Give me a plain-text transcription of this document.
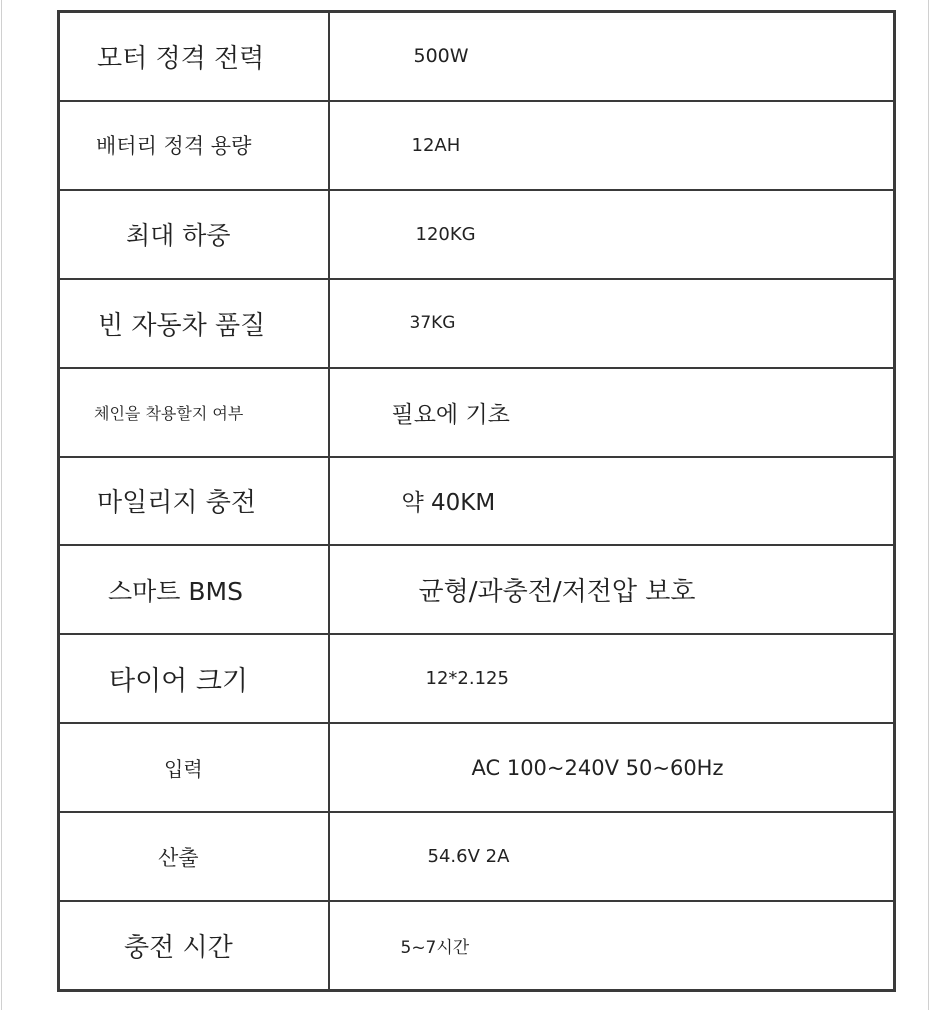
모터 정격 전력	500W
배터리 정격 용량	12AH
최대 하중	120KG
빈 자동차 품질	37KG
체인을 착용할지 여부	필요에 기초
마일리지 충전	약 40KM
스마트 BMS	균형/과충전/저전압 보호
타이어 크기	12*2.125
입력	AC 100~240V 50~60Hz
산출	54.6V 2A
충전 시간	5~7시간
